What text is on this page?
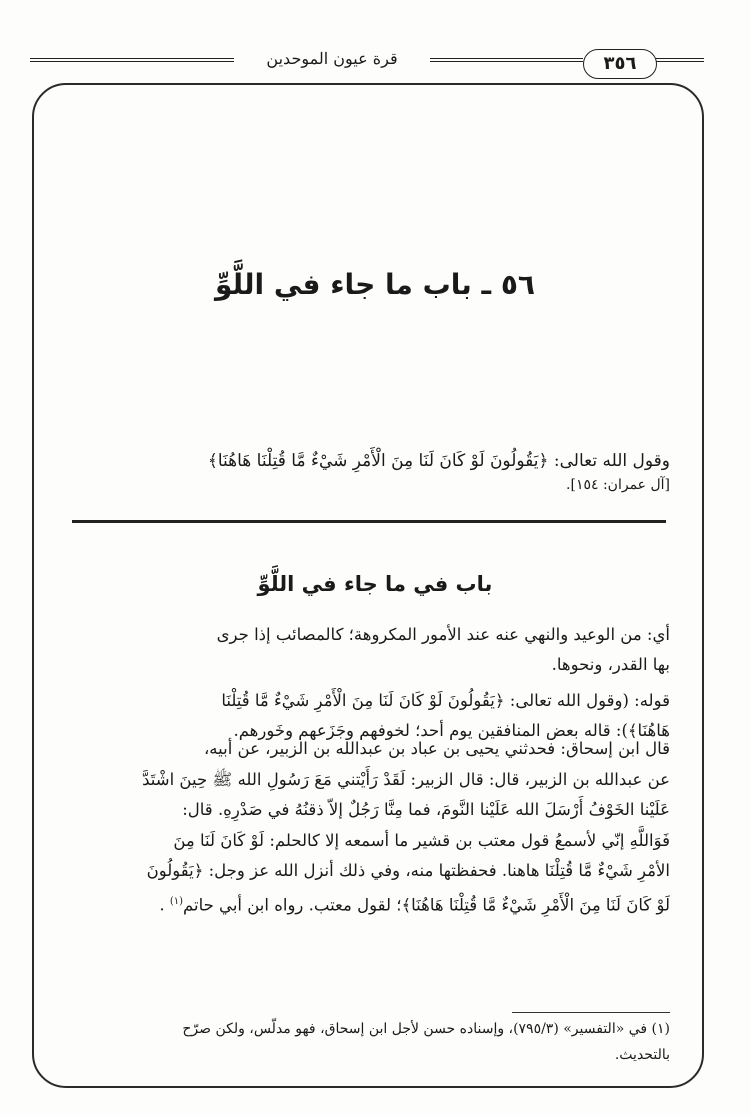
٣٥٦
قرة عيون الموحدين
٥٦ ـ باب ما جاء في اللَّوِّ
وقول الله تعالى: ﴿يَقُولُونَ لَوْ كَانَ لَنَا مِنَ الْأَمْرِ شَيْءٌ مَّا قُتِلْنَا هَاهُنَا﴾
[آل عمران: ١٥٤].
باب في ما جاء في اللَّوِّ
أي: من الوعيد والنهي عنه عند الأمور المكروهة؛ كالمصائب إذا جرى
بها القدر، ونحوها.
قوله: (وقول الله تعالى: ﴿يَقُولُونَ لَوْ كَانَ لَنَا مِنَ الْأَمْرِ شَيْءٌ مَّا قُتِلْنَا
هَاهُنَا﴾): قاله بعض المنافقين يوم أحد؛ لخوفهم وجَزَعهم وخَورهم.
قال ابن إسحاق: فحدثني يحيى بن عباد بن عبدالله بن الزبير، عن أبيه،
عن عبدالله بن الزبير، قال: قال الزبير: لَقَدْ رَأَيْتني مَعَ رَسُولِ الله ﷺ حِينَ اشْتَدَّ
عَلَيْنا الخَوْفُ أَرْسَلَ الله عَلَيْنا النَّومَ، فما مِنَّا رَجُلٌ إلاّ ذقنُهُ في صَدْرِهِ. قال:
فَوَاللَّهِ إنّي لأسمعُ قول معتب بن قشير ما أسمعه إلا كالحلم: لَوْ كَانَ لَنَا مِنَ
الأمْرِ شَيْءٌ مَّا قُتِلْنَا هاهنا. فحفظتها منه، وفي ذلك أنزل الله عز وجل: ﴿يَقُولُونَ
لَوْ كَانَ لَنَا مِنَ الْأَمْرِ شَيْءٌ مَّا قُتِلْنَا هَاهُنَا﴾؛ لقول معتب. رواه ابن أبي حاتم$^{(١)}$ .
(١) في «التفسير» (٧٩٥/٣)، وإسناده حسن لأجل ابن إسحاق، فهو مدلّس، ولكن صرّح
بالتحديث.
